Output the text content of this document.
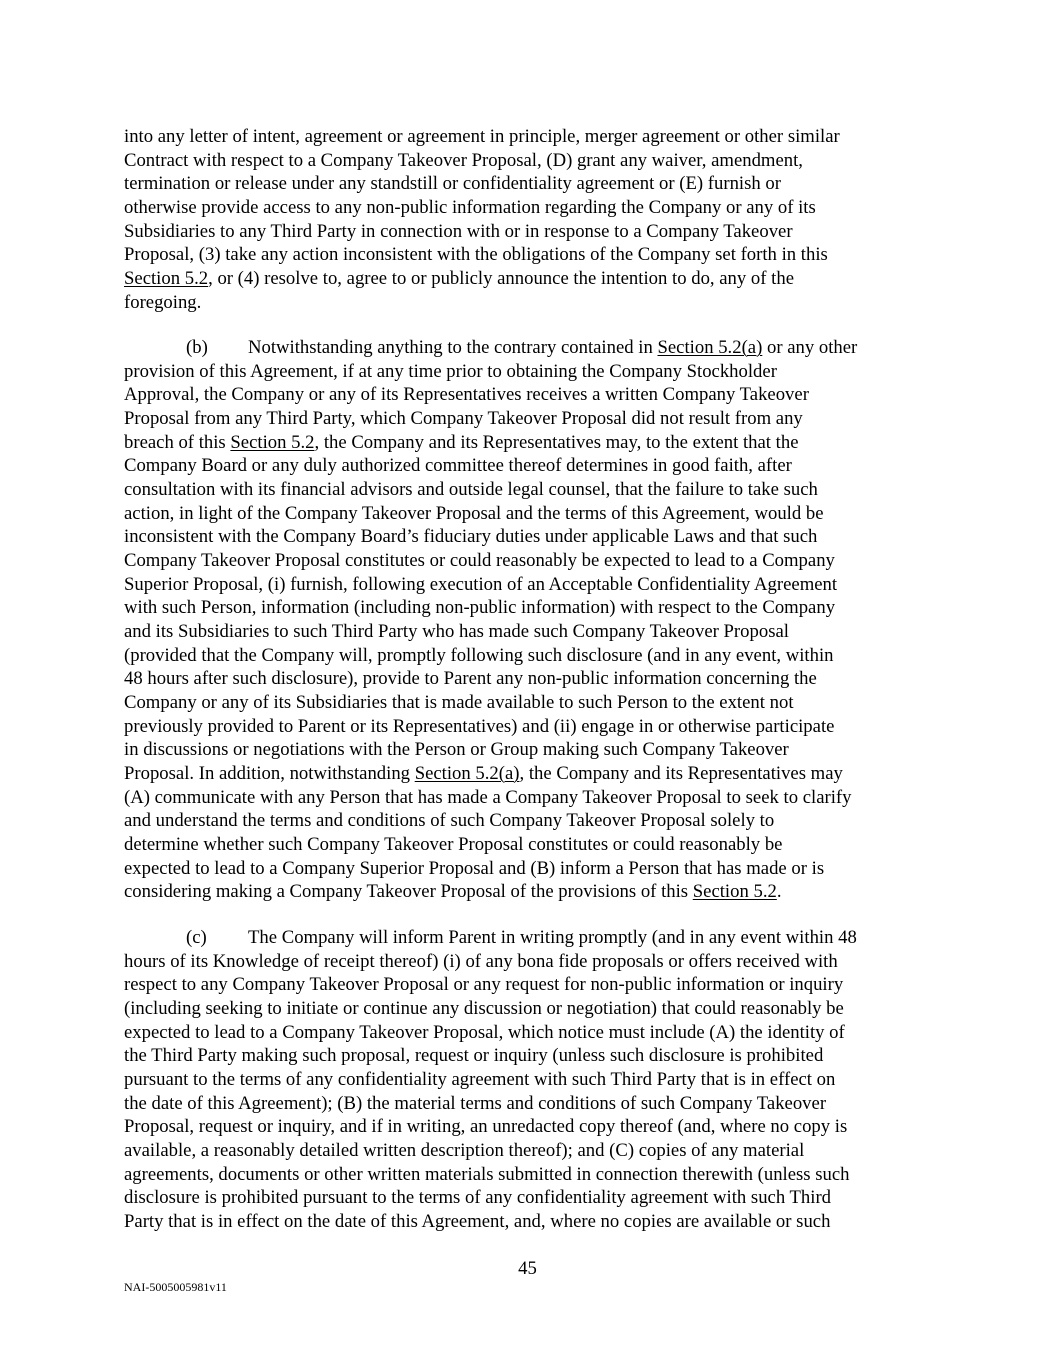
into any letter of intent, agreement or agreement in principle, merger agreement or other similar
Contract with respect to a Company Takeover Proposal, (D) grant any waiver, amendment,
termination or release under any standstill or confidentiality agreement or (E) furnish or
otherwise provide access to any non-public information regarding the Company or any of its
Subsidiaries to any Third Party in connection with or in response to a Company Takeover
Proposal, (3) take any action inconsistent with the obligations of the Company set forth in this
Section 5.2, or (4) resolve to, agree to or publicly announce the intention to do, any of the
foregoing.
(b) Notwithstanding anything to the contrary contained in Section 5.2(a) or any other
provision of this Agreement, if at any time prior to obtaining the Company Stockholder
Approval, the Company or any of its Representatives receives a written Company Takeover
Proposal from any Third Party, which Company Takeover Proposal did not result from any
breach of this Section 5.2, the Company and its Representatives may, to the extent that the
Company Board or any duly authorized committee thereof determines in good faith, after
consultation with its financial advisors and outside legal counsel, that the failure to take such
action, in light of the Company Takeover Proposal and the terms of this Agreement, would be
inconsistent with the Company Board’s fiduciary duties under applicable Laws and that such
Company Takeover Proposal constitutes or could reasonably be expected to lead to a Company
Superior Proposal, (i) furnish, following execution of an Acceptable Confidentiality Agreement
with such Person, information (including non-public information) with respect to the Company
and its Subsidiaries to such Third Party who has made such Company Takeover Proposal
(provided that the Company will, promptly following such disclosure (and in any event, within
48 hours after such disclosure), provide to Parent any non-public information concerning the
Company or any of its Subsidiaries that is made available to such Person to the extent not
previously provided to Parent or its Representatives) and (ii) engage in or otherwise participate
in discussions or negotiations with the Person or Group making such Company Takeover
Proposal. In addition, notwithstanding Section 5.2(a), the Company and its Representatives may
(A) communicate with any Person that has made a Company Takeover Proposal to seek to clarify
and understand the terms and conditions of such Company Takeover Proposal solely to
determine whether such Company Takeover Proposal constitutes or could reasonably be
expected to lead to a Company Superior Proposal and (B) inform a Person that has made or is
considering making a Company Takeover Proposal of the provisions of this Section 5.2.
(c) The Company will inform Parent in writing promptly (and in any event within 48
hours of its Knowledge of receipt thereof) (i) of any bona fide proposals or offers received with
respect to any Company Takeover Proposal or any request for non-public information or inquiry
(including seeking to initiate or continue any discussion or negotiation) that could reasonably be
expected to lead to a Company Takeover Proposal, which notice must include (A) the identity of
the Third Party making such proposal, request or inquiry (unless such disclosure is prohibited
pursuant to the terms of any confidentiality agreement with such Third Party that is in effect on
the date of this Agreement); (B) the material terms and conditions of such Company Takeover
Proposal, request or inquiry, and if in writing, an unredacted copy thereof (and, where no copy is
available, a reasonably detailed written description thereof); and (C) copies of any material
agreements, documents or other written materials submitted in connection therewith (unless such
disclosure is prohibited pursuant to the terms of any confidentiality agreement with such Third
Party that is in effect on the date of this Agreement, and, where no copies are available or such
45
NAI-5005005981v11
